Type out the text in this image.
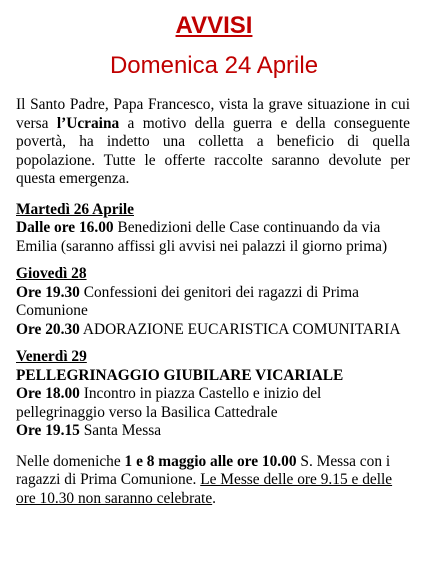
AVVISI
Domenica 24 Aprile

Il Santo Padre, Papa Francesco, vista la grave situazione in cui versa l’Ucraina a motivo della guerra e della conseguente povertà, ha indetto una colletta a beneficio di quella popolazione. Tutte le offerte raccolte saranno devolute per questa emergenza.

Martedì 26 Aprile

Dalle ore 16.00 Benedizioni delle Case continuando da via Emilia (saranno affissi gli avvisi nei palazzi il giorno prima)

Giovedì 28

Ore 19.30 Confessioni dei genitori dei ragazzi di Prima Comunione

Ore 20.30 ADORAZIONE EUCARISTICA COMUNITARIA

Venerdì 29

PELLEGRINAGGIO GIUBILARE VICARIALE

Ore 18.00 Incontro in piazza Castello e inizio del pellegrinaggio verso la Basilica Cattedrale

Ore 19.15 Santa Messa

Nelle domeniche 1 e 8 maggio alle ore 10.00 S. Messa con i ragazzi di Prima Comunione. Le Messe delle ore 9.15 e delle ore 10.30 non saranno celebrate.
